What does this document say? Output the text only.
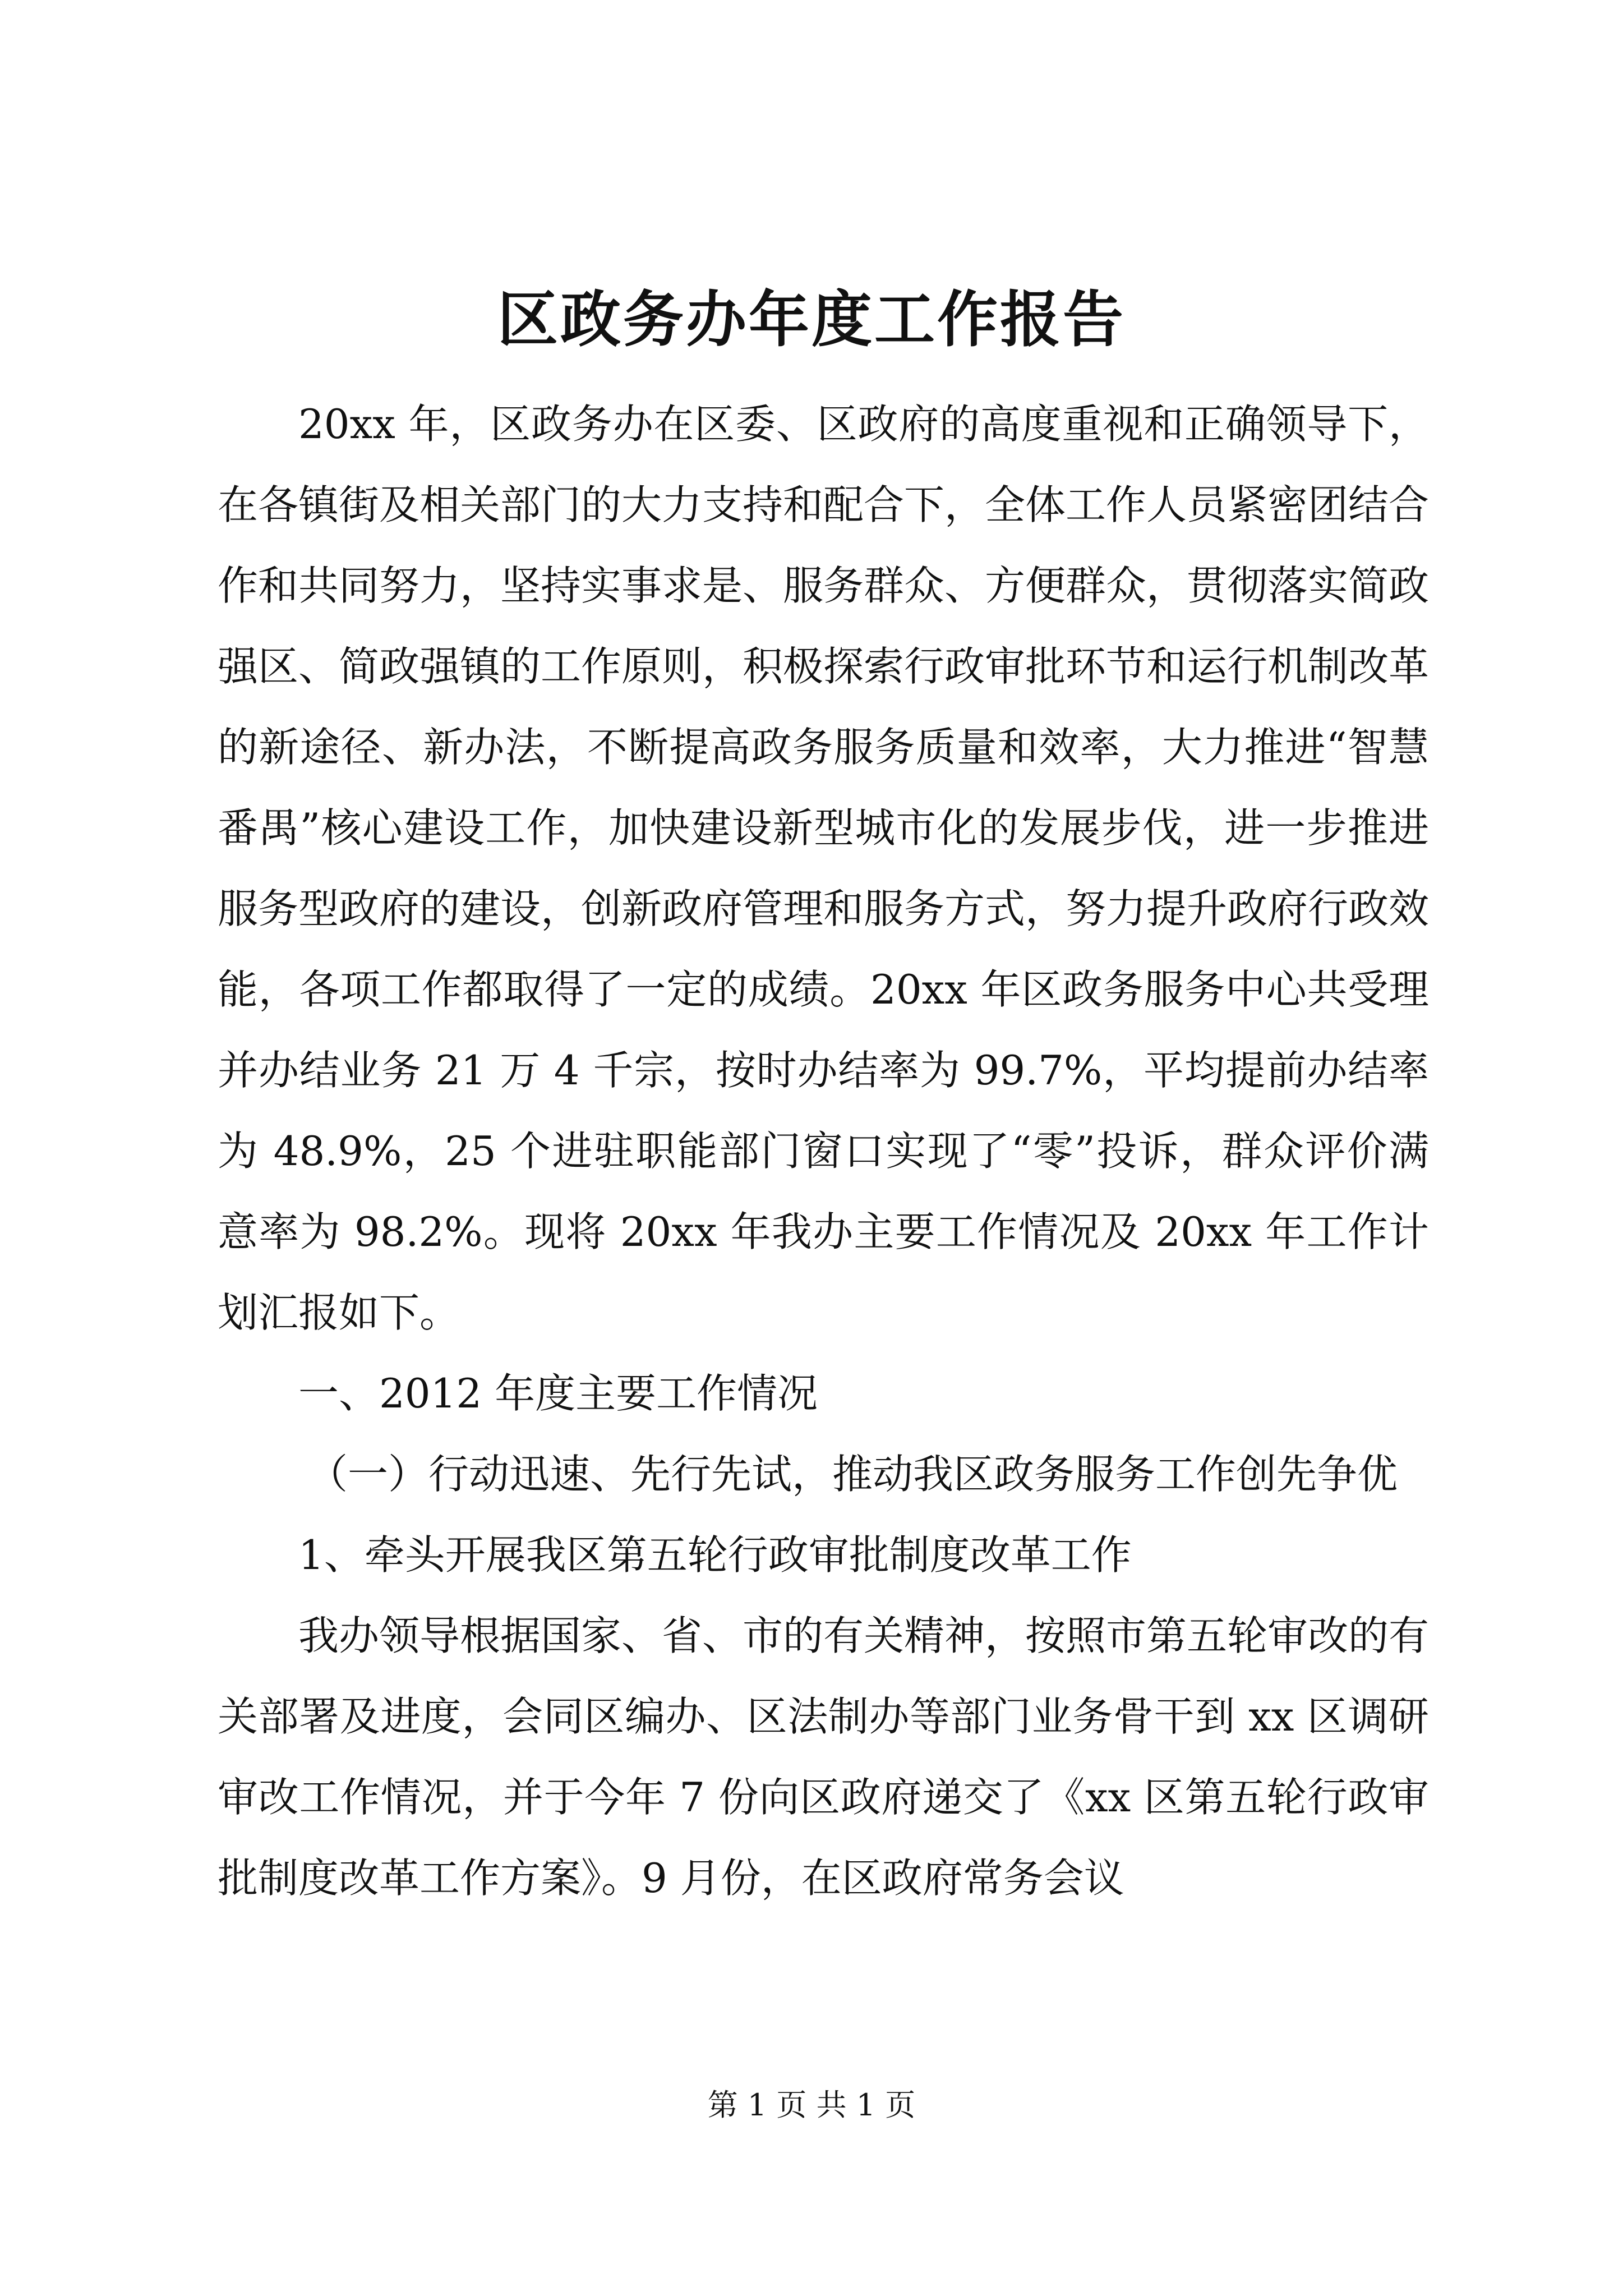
区政务办年度工作报告

20xx 年，区政务办在区委、区政府的高度重视和正确领导下，在各镇街及相关部门的大力支持和配合下，全体工作人员紧密团结合作和共同努力，坚持实事求是、服务群众、方便群众，贯彻落实简政强区、简政强镇的工作原则，积极探索行政审批环节和运行机制改革的新途径、新办法，不断提高政务服务质量和效率，大力推进“智慧番禺”核心建设工作，加快建设新型城市化的发展步伐，进一步推进服务型政府的建设，创新政府管理和服务方式，努力提升政府行政效能，各项工作都取得了一定的成绩。20xx 年区政务服务中心共受理并办结业务 21 万 4 千宗，按时办结率为 99.7%，平均提前办结率为 48.9%，25 个进驻职能部门窗口实现了“零”投诉，群众评价满意率为 98.2%。现将 20xx 年我办主要工作情况及 20xx 年工作计划汇报如下。

一、2012 年度主要工作情况

（一）行动迅速、先行先试，推动我区政务服务工作创先争优

1、牵头开展我区第五轮行政审批制度改革工作

我办领导根据国家、省、市的有关精神，按照市第五轮审改的有关部署及进度，会同区编办、区法制办等部门业务骨干到 xx 区调研审改工作情况，并于今年 7 份向区政府递交了《xx 区第五轮行政审批制度改革工作方案》。9 月份，在区政府常务会议

第 1 页 共 1 页
